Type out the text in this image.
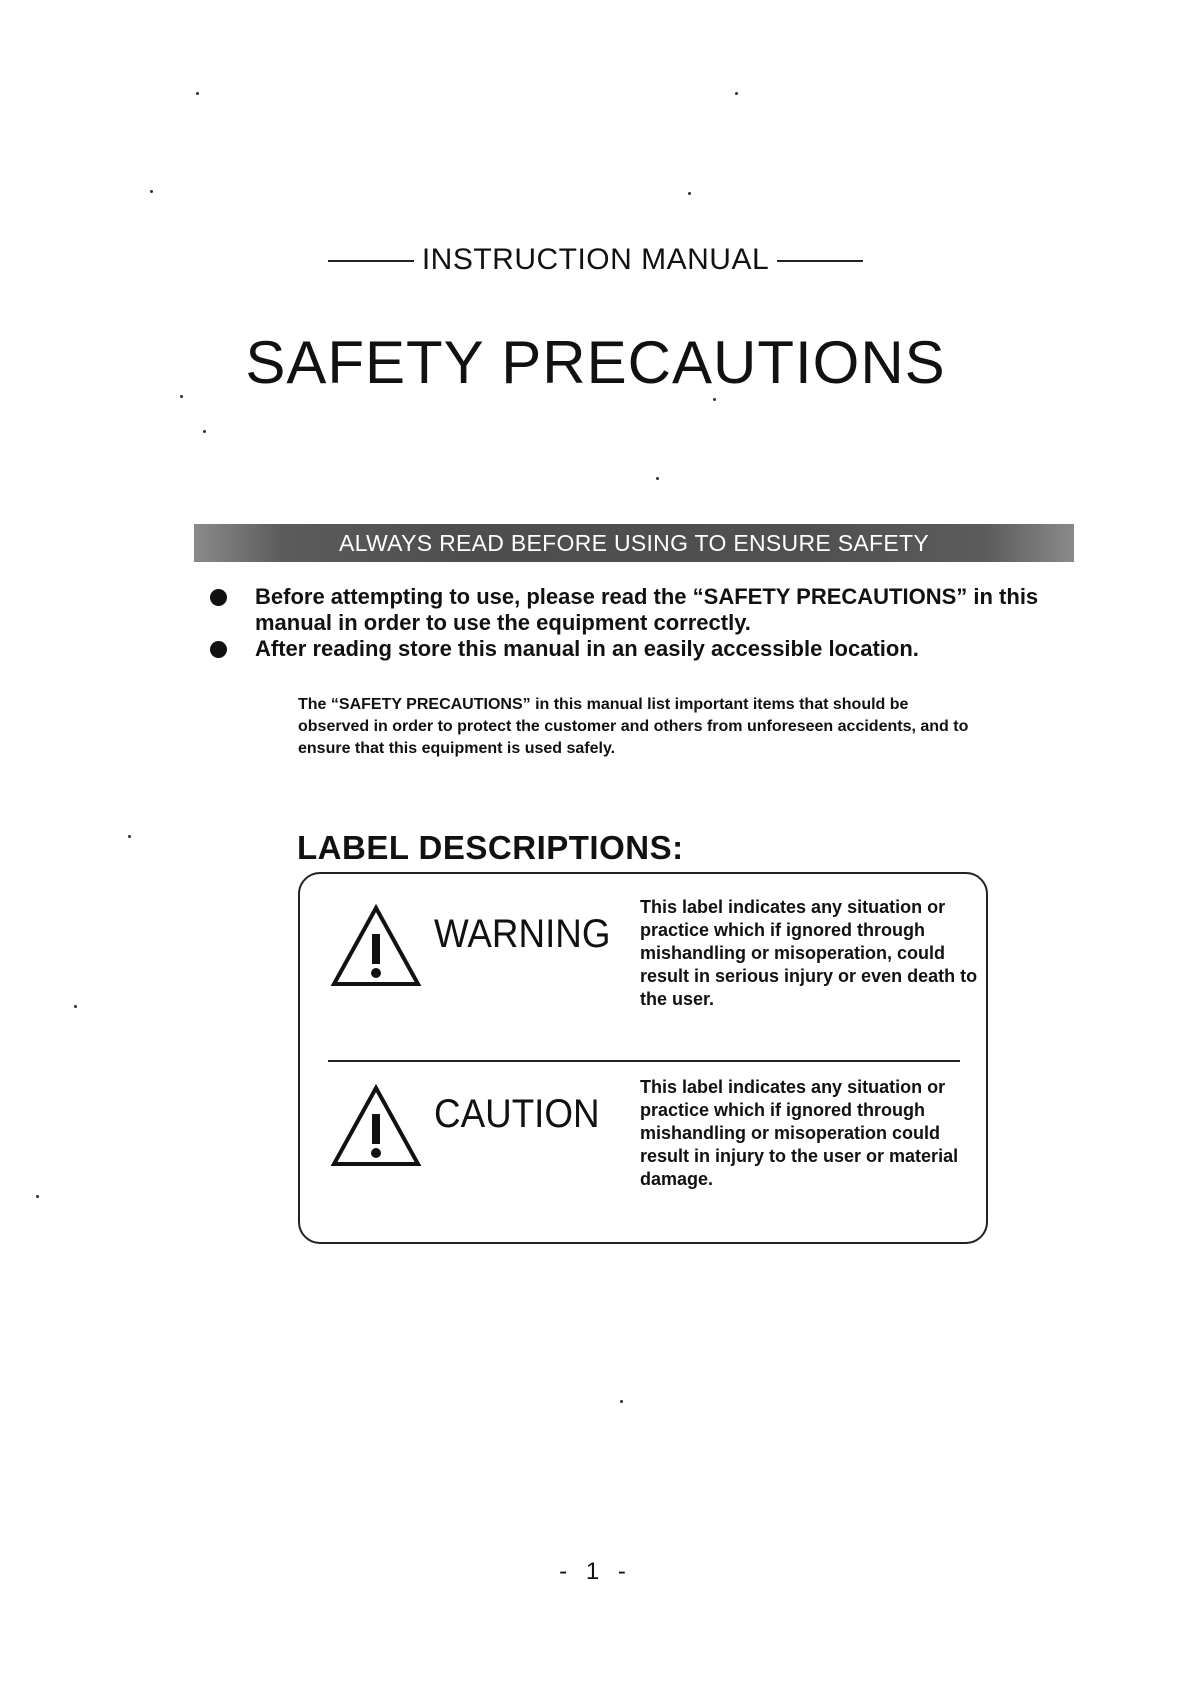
INSTRUCTION MANUAL
SAFETY PRECAUTIONS
ALWAYS READ BEFORE USING TO ENSURE SAFETY
Before attempting to use, please read the “SAFETY PRECAUTIONS” in this manual in order to use the equipment correctly.
After reading store this manual in an easily accessible location.
The “SAFETY PRECAUTIONS” in this manual list important items that should be observed in order to protect the customer and others from unforeseen accidents, and to ensure that this equipment is used safely.
LABEL DESCRIPTIONS:
WARNING
This label indicates any situation or practice which if ignored through mishandling or misoperation, could result in serious injury or even death to the user.
CAUTION
This label indicates any situation or practice which if ignored through mishandling or misoperation could result in injury to the user or material damage.
- 1 -
